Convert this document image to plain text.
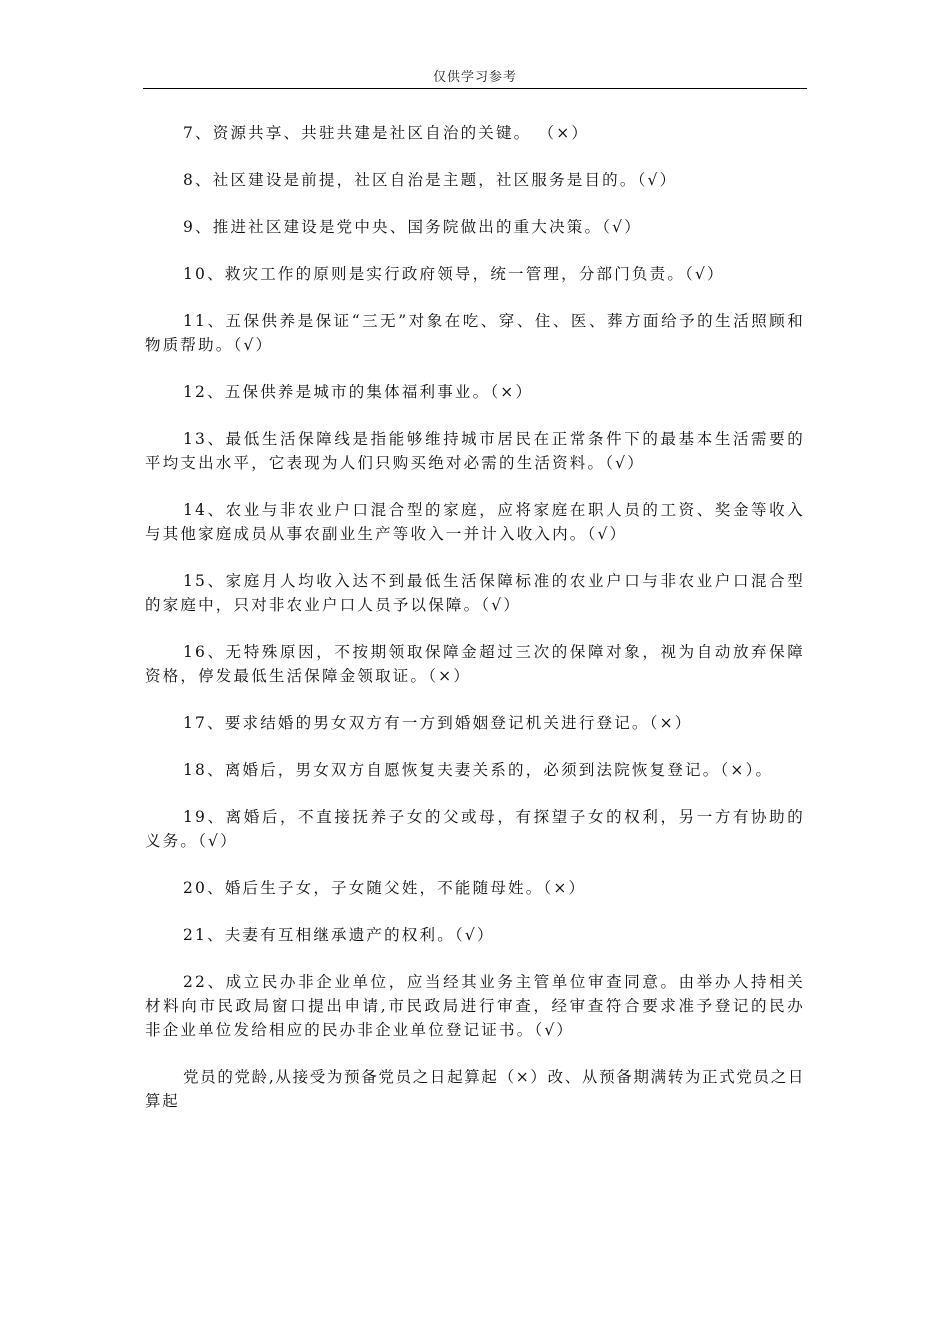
仅供学习参考

7、资源共享、共驻共建是社区自治的关键。 （×）

8、社区建设是前提，社区自治是主题，社区服务是目的。（√）

9、推进社区建设是党中央、国务院做出的重大决策。（√）

10、救灾工作的原则是实行政府领导，统一管理，分部门负责。（√）

11、五保供养是保证“三无”对象在吃、穿、住、医、葬方面给予的生活照顾和物质帮助。（√）

12、五保供养是城市的集体福利事业。（×）

13、最低生活保障线是指能够维持城市居民在正常条件下的最基本生活需要的平均支出水平，它表现为人们只购买绝对必需的生活资料。（√）

14、农业与非农业户口混合型的家庭，应将家庭在职人员的工资、奖金等收入与其他家庭成员从事农副业生产等收入一并计入收入内。（√）

15、家庭月人均收入达不到最低生活保障标准的农业户口与非农业户口混合型的家庭中，只对非农业户口人员予以保障。（√）

16、无特殊原因，不按期领取保障金超过三次的保障对象，视为自动放弃保障资格，停发最低生活保障金领取证。（×）

17、要求结婚的男女双方有一方到婚姻登记机关进行登记。（×）

18、离婚后，男女双方自愿恢复夫妻关系的，必须到法院恢复登记。（×）。

19、离婚后，不直接抚养子女的父或母，有探望子女的权利，另一方有协助的义务。（√）

20、婚后生子女，子女随父姓，不能随母姓。（×）

21、夫妻有互相继承遗产的权利。（√）

22、成立民办非企业单位，应当经其业务主管单位审查同意。由举办人持相关材料向市民政局窗口提出申请,市民政局进行审查，经审查符合要求准予登记的民办非企业单位发给相应的民办非企业单位登记证书。（√）

党员的党龄,从接受为预备党员之日起算起（×）改、从预备期满转为正式党员之日算起
